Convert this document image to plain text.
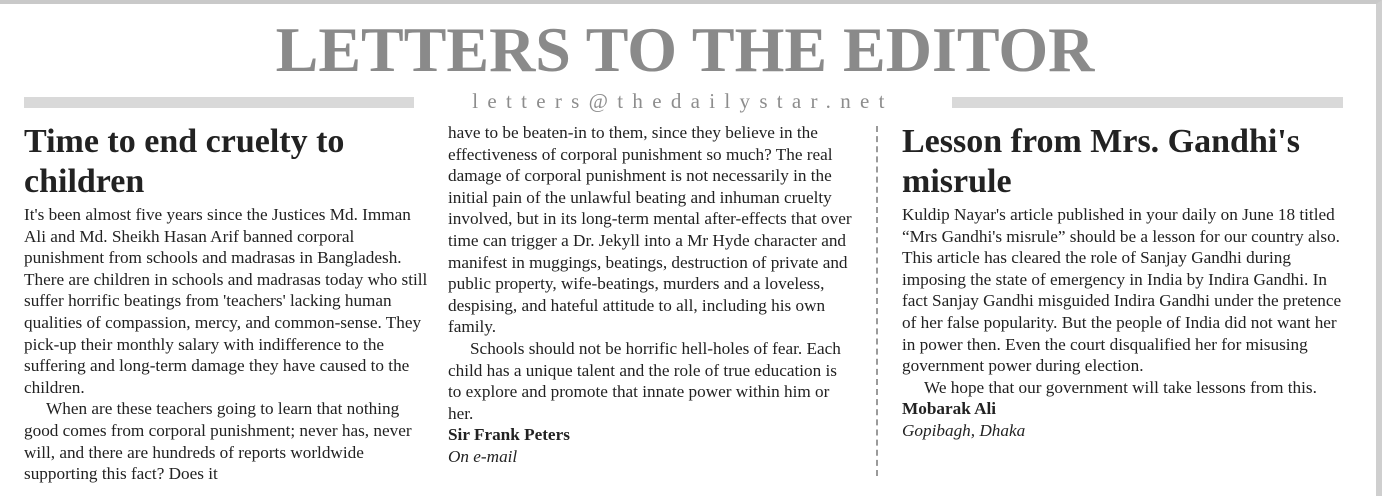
LETTERS TO THE EDITOR
letters@thedailystar.net
Time to end cruelty to children

It's been almost five years since the Justices Md. Imman Ali and Md. Sheikh Hasan Arif banned corporal punishment from schools and madrasas in Bangladesh. There are children in schools and madrasas today who still suffer horrific beatings from 'teachers' lacking human qualities of compassion, mercy, and common-sense. They pick-up their monthly salary with indifference to the suffering and long-term damage they have caused to the children.

When are these teachers going to learn that nothing good comes from corporal punishment; never has, never will, and there are hundreds of reports worldwide supporting this fact? Does it

have to be beaten-in to them, since they believe in the effectiveness of corporal punishment so much? The real damage of corporal punishment is not necessarily in the initial pain of the unlawful beating and inhuman cruelty involved, but in its long-term mental after-effects that over time can trigger a Dr. Jekyll into a Mr Hyde character and manifest in muggings, beatings, destruction of private and public property, wife-beatings, murders and a loveless, despising, and hateful attitude to all, including his own family.

Schools should not be horrific hell-holes of fear. Each child has a unique talent and the role of true education is to explore and promote that innate power within him or her.

Sir Frank Peters

On e-mail

Lesson from Mrs. Gandhi's misrule

Kuldip Nayar's article published in your daily on June 18 titled “Mrs Gandhi's misrule” should be a lesson for our country also. This article has cleared the role of Sanjay Gandhi during imposing the state of emergency in India by Indira Gandhi. In fact Sanjay Gandhi misguided Indira Gandhi under the pretence of her false popularity. But the people of India did not want her in power then. Even the court disqualified her for misusing government power during election.

We hope that our government will take lessons from this.

Mobarak Ali

Gopibagh, Dhaka
